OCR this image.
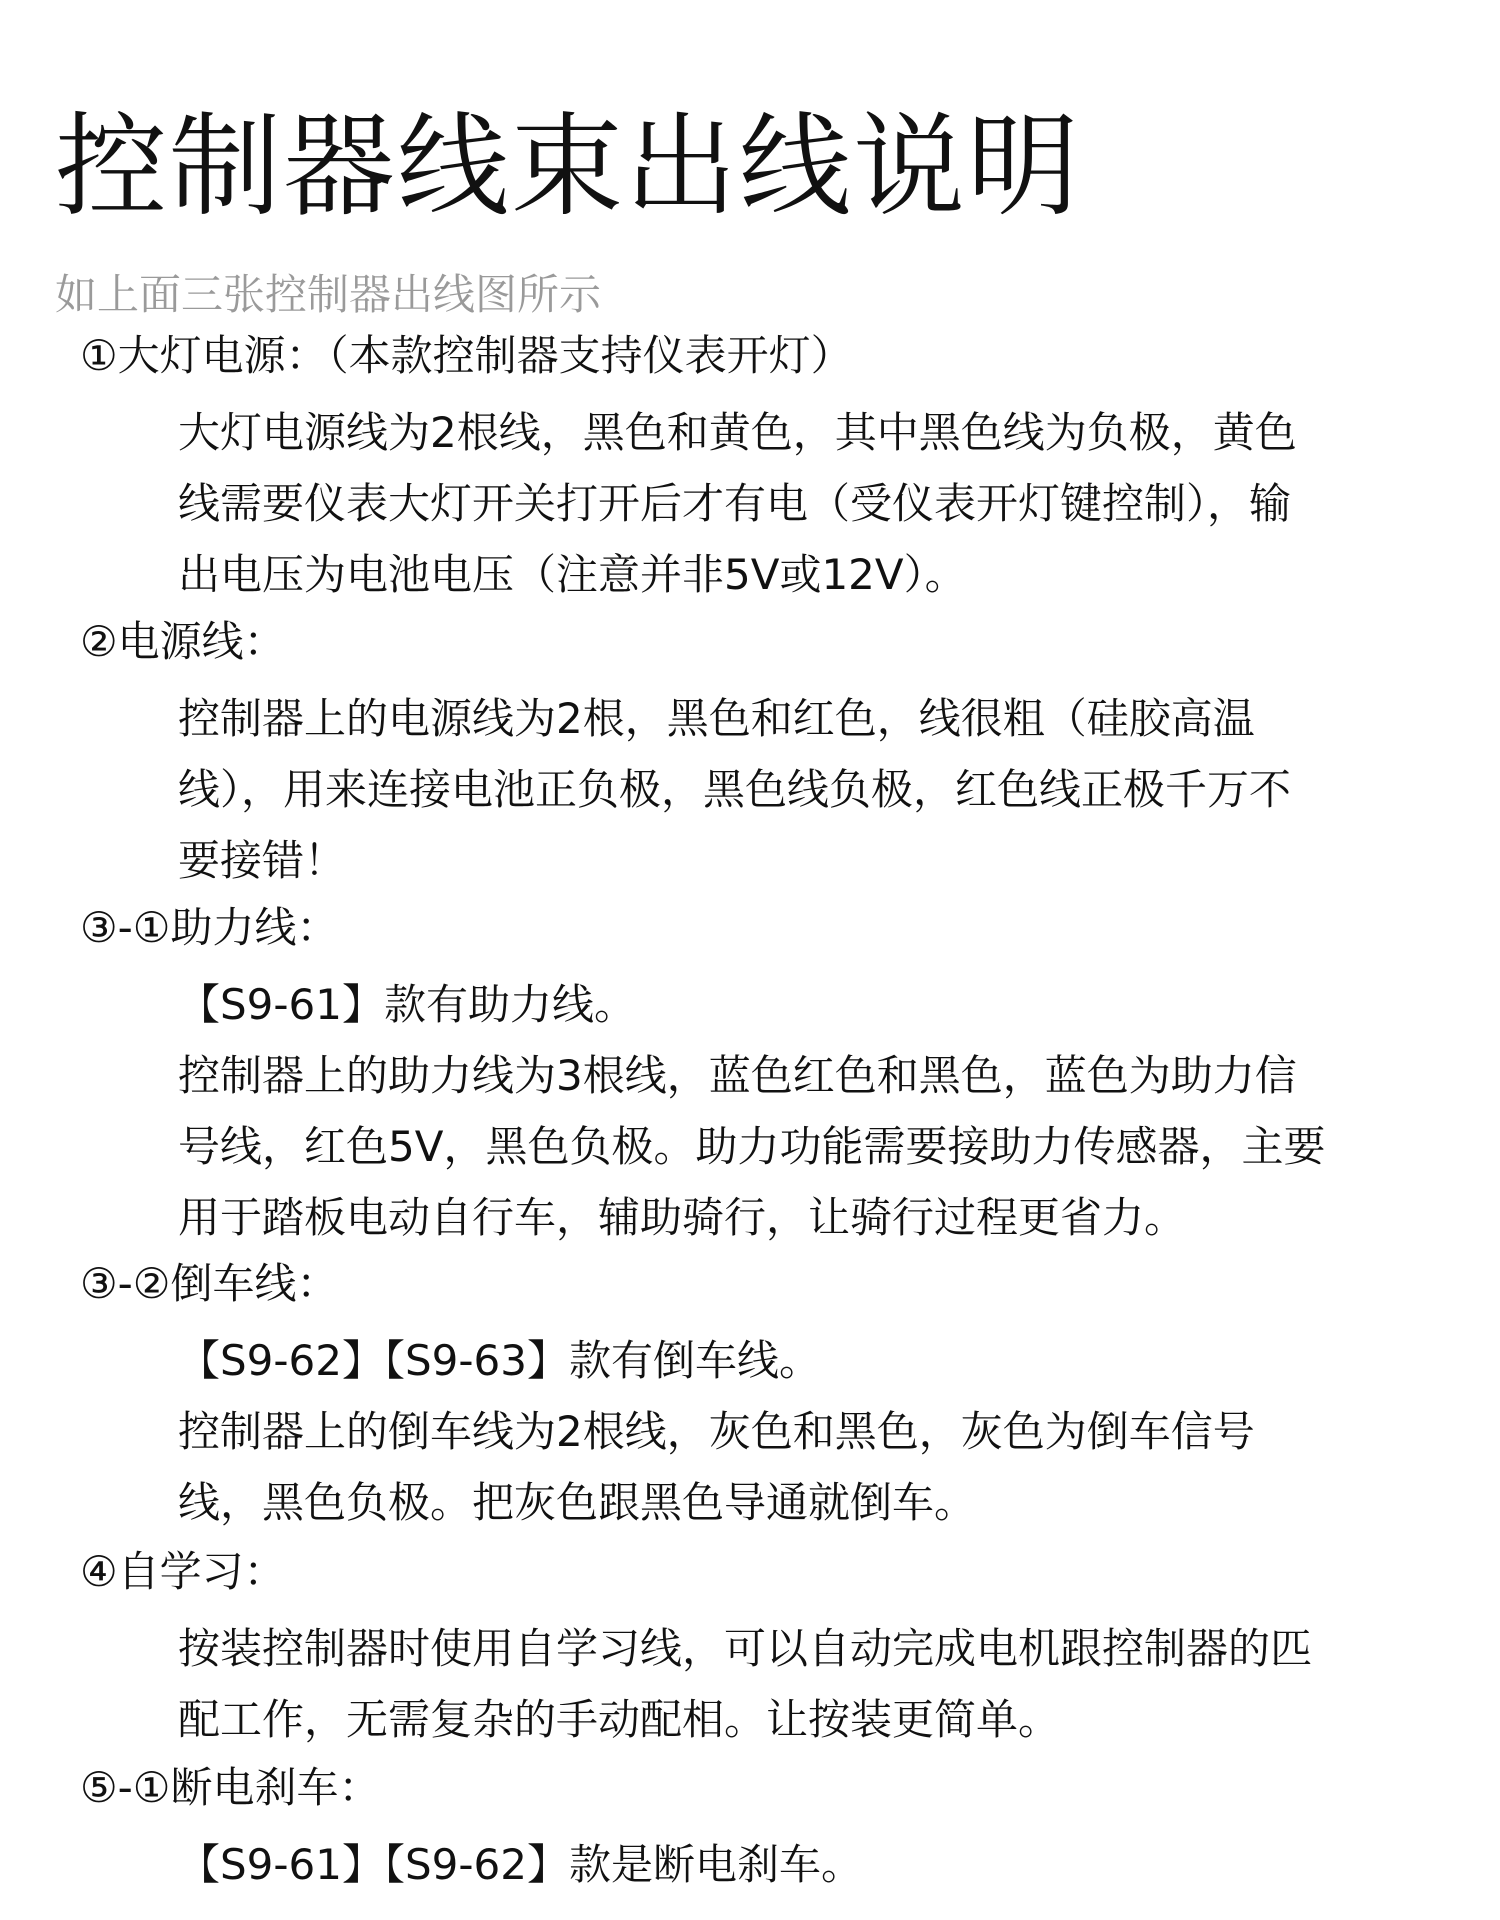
控制器线束出线说明
如上面三张控制器出线图所示
①大灯电源：（本款控制器支持仪表开灯）
大灯电源线为2根线，黑色和黄色，其中黑色线为负极，黄色
线需要仪表大灯开关打开后才有电（受仪表开灯键控制），输
出电压为电池电压（注意并非5V或12V）。
②电源线：
控制器上的电源线为2根，黑色和红色，线很粗（硅胶高温
线），用来连接电池正负极，黑色线负极，红色线正极千万不
要接错！
③-①助力线：
【S9-61】款有助力线。
控制器上的助力线为3根线，蓝色红色和黑色，蓝色为助力信
号线，红色5V，黑色负极。助力功能需要接助力传感器，主要
用于踏板电动自行车，辅助骑行，让骑行过程更省力。
③-②倒车线：
【S9-62】【S9-63】款有倒车线。
控制器上的倒车线为2根线，灰色和黑色，灰色为倒车信号
线，黑色负极。把灰色跟黑色导通就倒车。
④自学习：
按装控制器时使用自学习线，可以自动完成电机跟控制器的匹
配工作，无需复杂的手动配相。让按装更简单。
⑤-①断电刹车：
【S9-61】【S9-62】款是断电刹车。
